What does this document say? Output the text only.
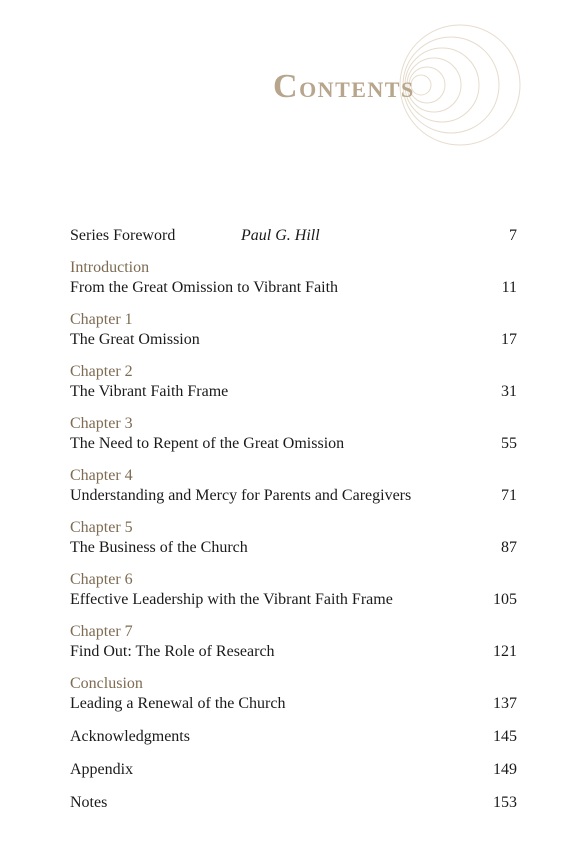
CONTENTS
Series Foreword	Paul G. Hill	7
Introduction
From the Great Omission to Vibrant Faith	11
Chapter 1
The Great Omission	17
Chapter 2
The Vibrant Faith Frame	31
Chapter 3
The Need to Repent of the Great Omission	55
Chapter 4
Understanding and Mercy for Parents and Caregivers	71
Chapter 5
The Business of the Church	87
Chapter 6
Effective Leadership with the Vibrant Faith Frame	105
Chapter 7
Find Out: The Role of Research	121
Conclusion
Leading a Renewal of the Church	137
Acknowledgments	145
Appendix	149
Notes	153
